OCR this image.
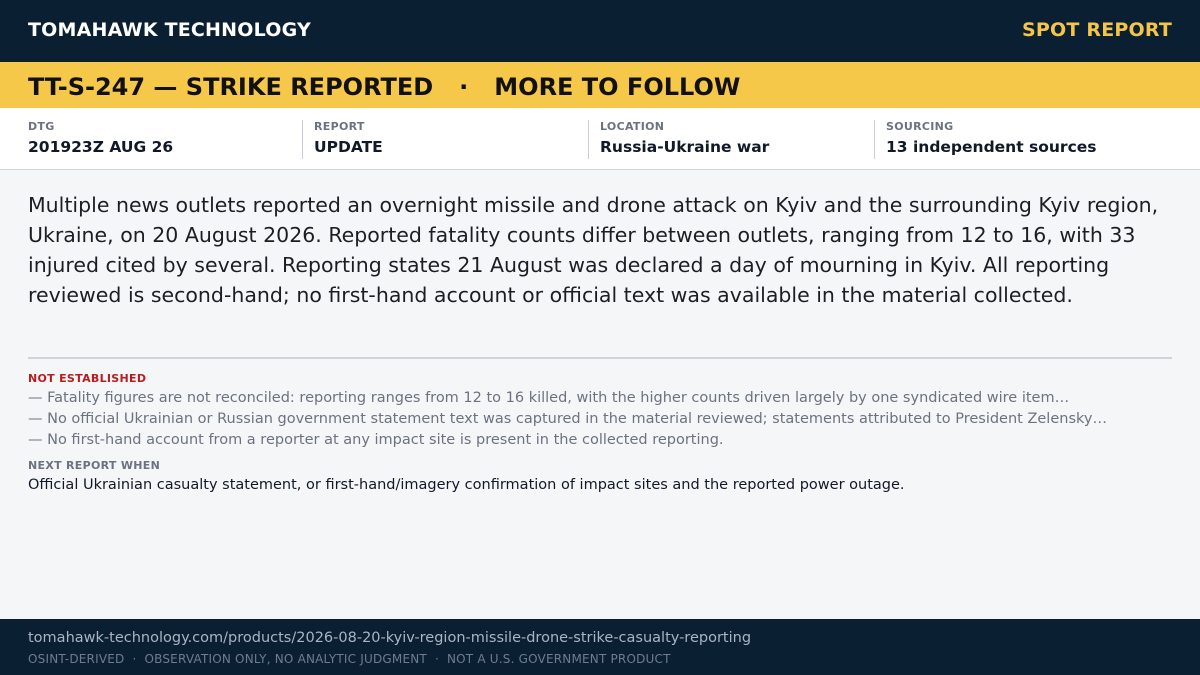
TOMAHAWK TECHNOLOGY	SPOT REPORT
TT-S-247 — STRIKE REPORTED · MORE TO FOLLOW
DTG
201923Z AUG 26
REPORT
UPDATE
LOCATION
Russia-Ukraine war
SOURCING
13 independent sources
Multiple news outlets reported an overnight missile and drone attack on Kyiv and the surrounding Kyiv region, Ukraine, on 20 August 2026. Reported fatality counts differ between outlets, ranging from 12 to 16, with 33 injured cited by several. Reporting states 21 August was declared a day of mourning in Kyiv. All reporting reviewed is second-hand; no first-hand account or official text was available in the material collected.
NOT ESTABLISHED
— Fatality figures are not reconciled: reporting ranges from 12 to 16 killed, with the higher counts driven largely by one syndicated wire item…
— No official Ukrainian or Russian government statement text was captured in the material reviewed; statements attributed to President Zelensky…
— No first-hand account from a reporter at any impact site is present in the collected reporting.
NEXT REPORT WHEN
Official Ukrainian casualty statement, or first-hand/imagery confirmation of impact sites and the reported power outage.
tomahawk-technology.com/products/2026-08-20-kyiv-region-missile-drone-strike-casualty-reporting
OSINT-DERIVED · OBSERVATION ONLY, NO ANALYTIC JUDGMENT · NOT A U.S. GOVERNMENT PRODUCT
